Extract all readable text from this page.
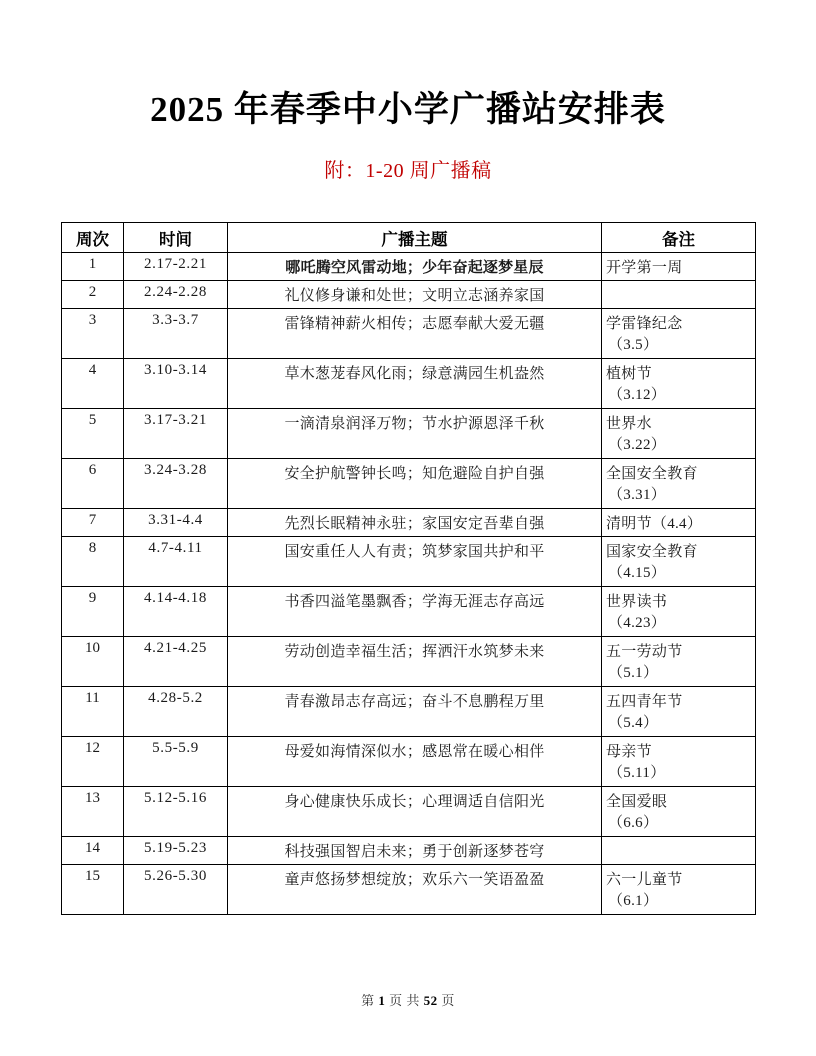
2025 年春季中小学广播站安排表
附：1-20 周广播稿
周次	时间	广播主题	备注
1	2.17-2.21	哪吒腾空风雷动地；少年奋起逐梦星辰	开学第一周

2	2.24-2.28	礼仪修身谦和处世；文明立志涵养家国	

3	3.3-3.7	雷锋精神薪火相传；志愿奉献大爱无疆	学雷锋纪念
（3.5）

4	3.10-3.14	草木葱茏春风化雨；绿意满园生机盎然	植树节
（3.12）

5	3.17-3.21	一滴清泉润泽万物；节水护源恩泽千秋	世界水
（3.22）

6	3.24-3.28	安全护航警钟长鸣；知危避险自护自强	全国安全教育
（3.31）

7	3.31-4.4	先烈长眠精神永驻；家国安定吾辈自强	清明节（4.4）

8	4.7-4.11	国安重任人人有责；筑梦家国共护和平	国家安全教育
（4.15）

9	4.14-4.18	书香四溢笔墨飘香；学海无涯志存高远	世界读书
（4.23）

10	4.21-4.25	劳动创造幸福生活；挥洒汗水筑梦未来	五一劳动节
（5.1）

11	4.28-5.2	青春激昂志存高远；奋斗不息鹏程万里	五四青年节
（5.4）

12	5.5-5.9	母爱如海情深似水；感恩常在暖心相伴	母亲节
（5.11）

13	5.12-5.16	身心健康快乐成长；心理调适自信阳光	全国爱眼
（6.6）

14	5.19-5.23	科技强国智启未来；勇于创新逐梦苍穹	

15	5.26-5.30	童声悠扬梦想绽放；欢乐六一笑语盈盈	六一儿童节
（6.1）
第 1 页 共 52 页
